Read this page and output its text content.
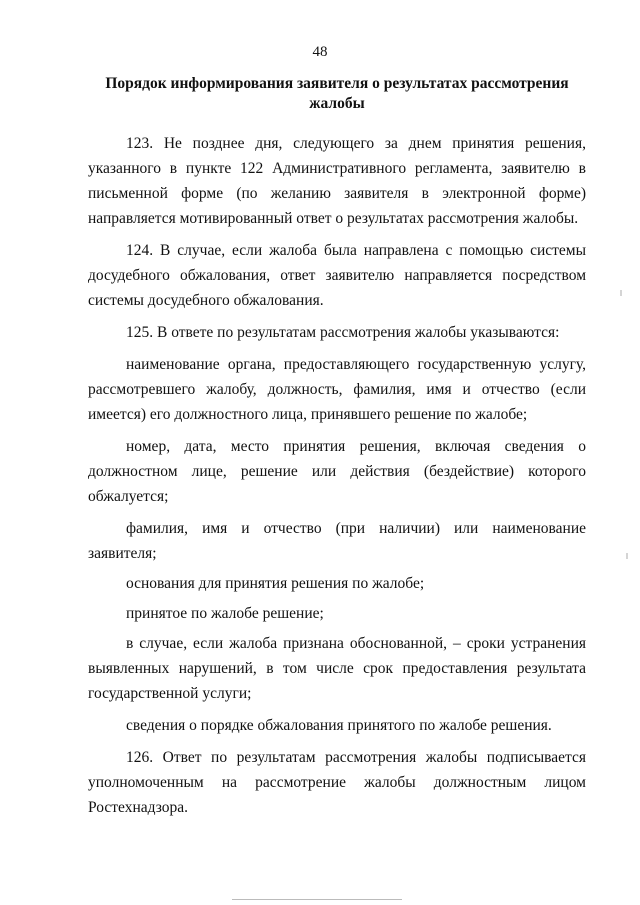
48
Порядок информирования заявителя о результатах рассмотрения жалобы

123. Не позднее дня, следующего за днем принятия решения, указанного в пункте 122 Административного регламента, заявителю в письменной форме (по желанию заявителя в электронной форме) направляется мотивированный ответ о результатах рассмотрения жалобы.

124. В случае, если жалоба была направлена с помощью системы досудебного обжалования, ответ заявителю направляется посредством системы досудебного обжалования.

125. В ответе по результатам рассмотрения жалобы указываются:

наименование органа, предоставляющего государственную услугу, рассмотревшего жалобу, должность, фамилия, имя и отчество (если имеется) его должностного лица, принявшего решение по жалобе;

номер, дата, место принятия решения, включая сведения о должностном лице, решение или действия (бездействие) которого обжалуется;

фамилия, имя и отчество (при наличии) или наименование заявителя;

основания для принятия решения по жалобе;

принятое по жалобе решение;

в случае, если жалоба признана обоснованной, – сроки устранения выявленных нарушений, в том числе срок предоставления результата государственной услуги;

сведения о порядке обжалования принятого по жалобе решения.

126. Ответ по результатам рассмотрения жалобы подписывается уполномоченным на рассмотрение жалобы должностным лицом Ростехнадзора.
